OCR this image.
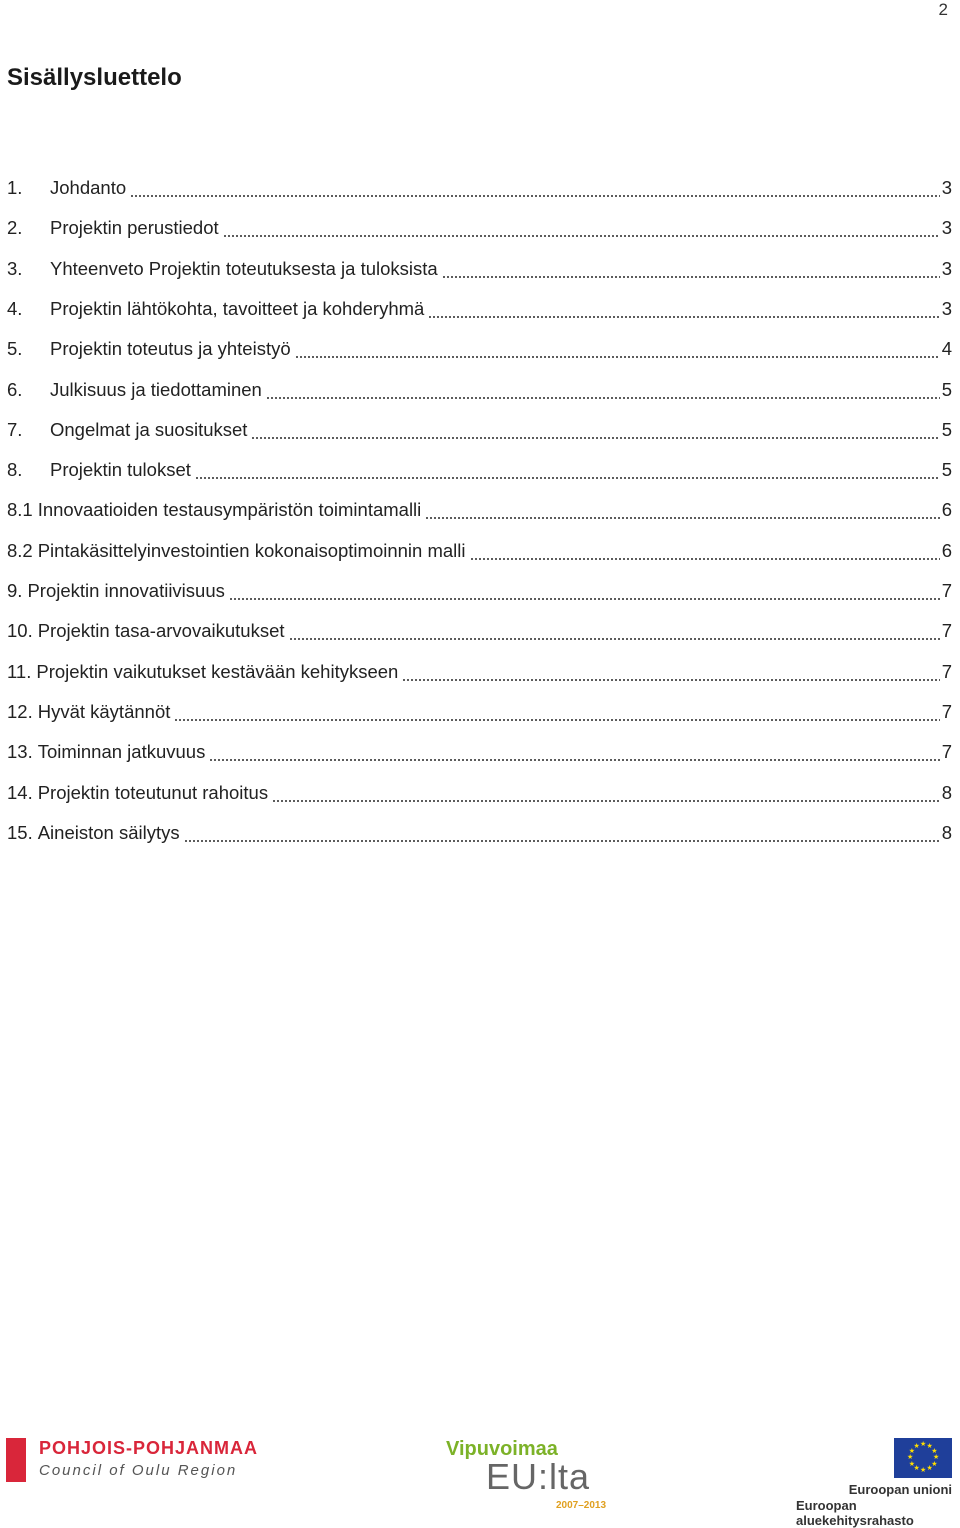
2
Sisällysluettelo
1.	Johdanto	3
2.	Projektin perustiedot	3
3.	Yhteenveto Projektin toteutuksesta ja tuloksista	3
4.	Projektin lähtökohta, tavoitteet ja kohderyhmä	3
5.	Projektin toteutus ja yhteistyö	4
6.	Julkisuus ja tiedottaminen	5
7.	Ongelmat ja suositukset	5
8.	Projektin tulokset	5
8.1 Innovaatioiden testausympäristön toimintamalli	6
8.2 Pintakäsittelyinvestointien kokonaisoptimoinnin malli	6
9. Projektin innovatiivisuus	7
10. Projektin tasa-arvovaikutukset	7
11. Projektin vaikutukset kestävään kehitykseen	7
12. Hyvät käytännöt	7
13. Toiminnan jatkuvuus	7
14. Projektin toteutunut rahoitus	8
15. Aineiston säilytys	8
POHJOIS-POHJANMAA
Council of Oulu Region
Vipuvoimaa
EU:lta
2007–2013
★
★
★
★
★
★
★
★
★ ★ ★
★
Euroopan unioni
Euroopan aluekehitysrahasto
